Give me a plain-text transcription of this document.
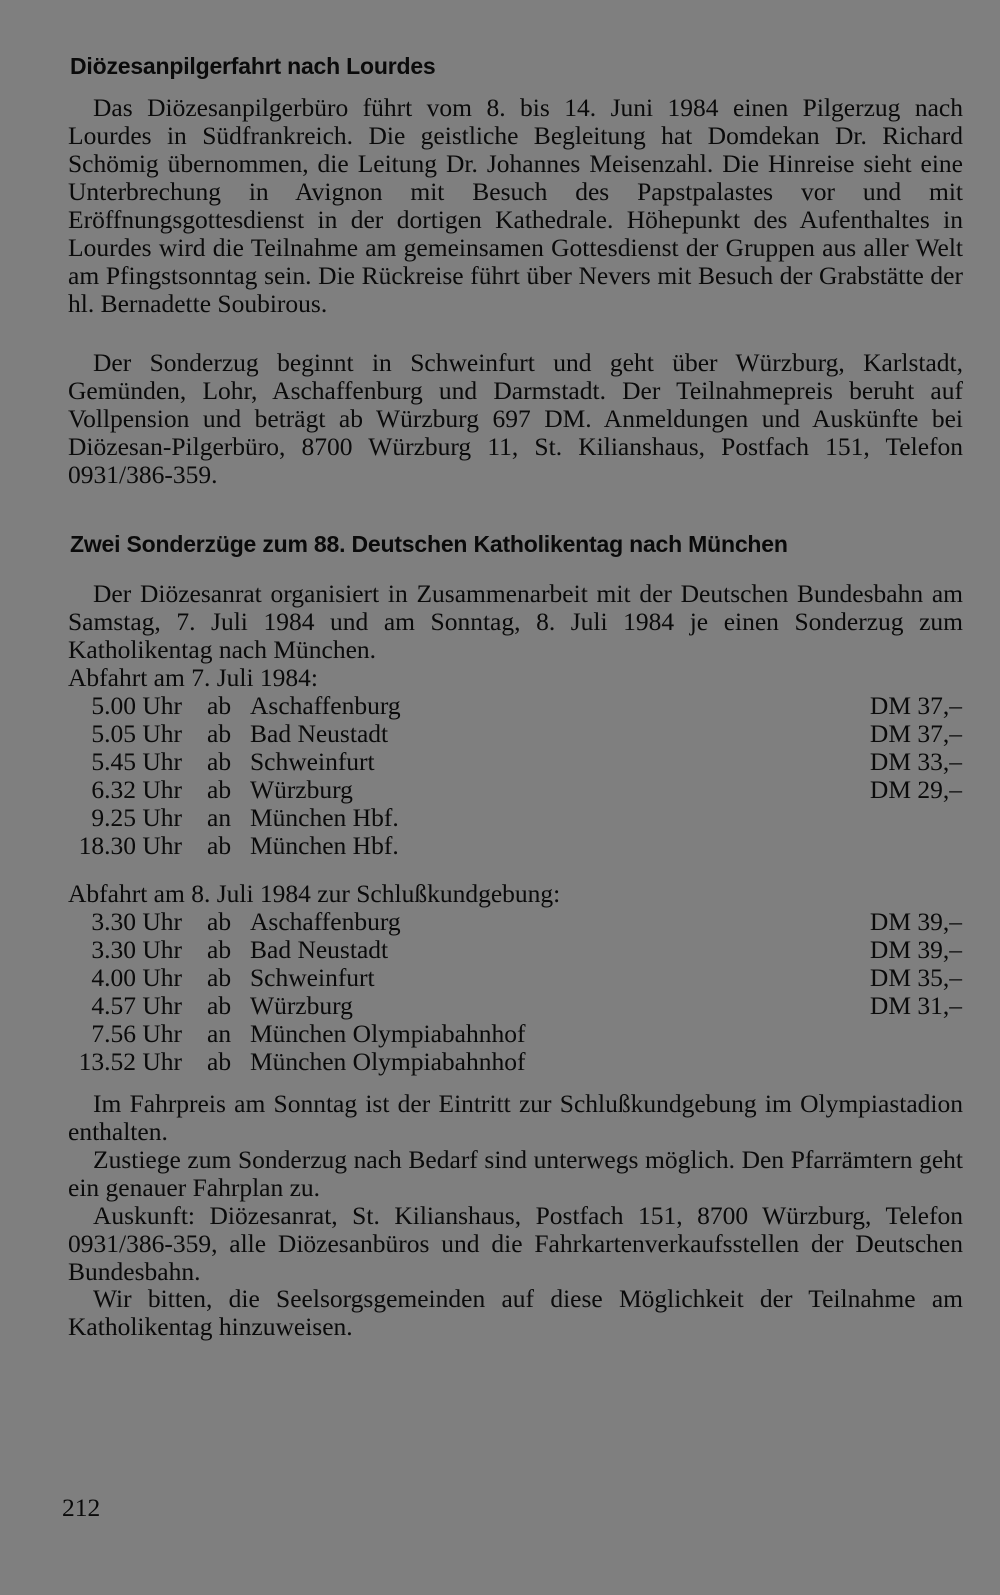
Diözesanpilgerfahrt nach Lourdes

Das Diözesanpilgerbüro führt vom 8. bis 14. Juni 1984 einen Pilgerzug nach Lourdes in Südfrankreich. Die geistliche Begleitung hat Domdekan Dr. Richard Schömig übernommen, die Leitung Dr. Johannes Meisenzahl. Die Hinreise sieht eine Unterbrechung in Avignon mit Besuch des Papstpalastes vor und mit Eröffnungsgottesdienst in der dortigen Kathedrale. Höhepunkt des Aufenthaltes in Lourdes wird die Teilnahme am gemeinsamen Gottesdienst der Gruppen aus aller Welt am Pfingstsonntag sein. Die Rückreise führt über Nevers mit Besuch der Grabstätte der hl. Bernadette Soubirous.

Der Sonderzug beginnt in Schweinfurt und geht über Würzburg, Karlstadt, Gemünden, Lohr, Aschaffenburg und Darmstadt. Der Teilnahmepreis beruht auf Vollpension und beträgt ab Würzburg 697 DM. Anmeldungen und Auskünfte bei Diözesan-Pilgerbüro, 8700 Würzburg 11, St. Kilianshaus, Postfach 151, Telefon 0931/386-359.

Zwei Sonderzüge zum 88. Deutschen Katholikentag nach München

Der Diözesanrat organisiert in Zusammenarbeit mit der Deutschen Bundesbahn am Samstag, 7. Juli 1984 und am Sonntag, 8. Juli 1984 je einen Sonderzug zum Katholikentag nach München.

Abfahrt am 7. Juli 1984:
5.00 Uhr ab Aschaffenburg	DM 37,–
5.05 Uhr ab Bad Neustadt	DM 37,–
5.45 Uhr ab Schweinfurt	DM 33,–
6.32 Uhr ab Würzburg	DM 29,–
9.25 Uhr an München Hbf.
18.30 Uhr ab München Hbf.
Abfahrt am 8. Juli 1984 zur Schlußkundgebung:
3.30 Uhr ab Aschaffenburg	DM 39,–
3.30 Uhr ab Bad Neustadt	DM 39,–
4.00 Uhr ab Schweinfurt	DM 35,–
4.57 Uhr ab Würzburg	DM 31,–
7.56 Uhr an München Olympiabahnhof
13.52 Uhr ab München Olympiabahnhof

Im Fahrpreis am Sonntag ist der Eintritt zur Schlußkundgebung im Olympiastadion enthalten.

Zustiege zum Sonderzug nach Bedarf sind unterwegs möglich. Den Pfarrämtern geht ein genauer Fahrplan zu.

Auskunft: Diözesanrat, St. Kilianshaus, Postfach 151, 8700 Würzburg, Telefon 0931/386-359, alle Diözesanbüros und die Fahrkartenverkaufsstellen der Deutschen Bundesbahn.

Wir bitten, die Seelsorgsgemeinden auf diese Möglichkeit der Teilnahme am Katholikentag hinzuweisen.

212
